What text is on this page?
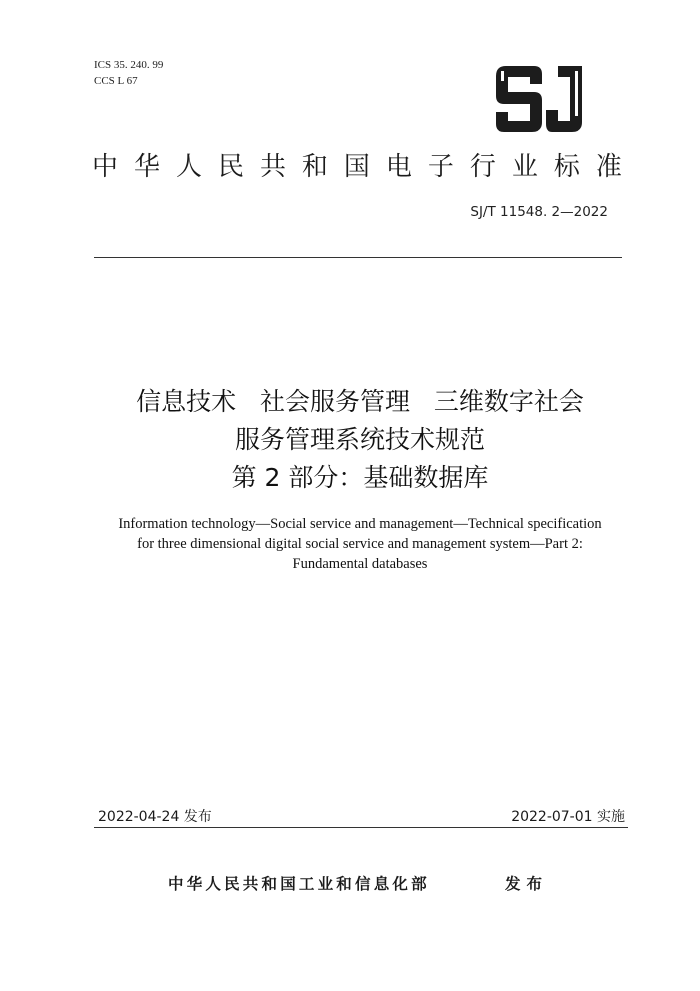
ICS 35. 240. 99
CCS L 67
中 华 人 民 共 和 国 电 子 行 业 标 准
SJ/T 11548. 2—2022
信息技术   社会服务管理   三维数字社会
服务管理系统技术规范
第 2 部分：基础数据库
Information technology—Social service and management—Technical specification
for three dimensional digital social service and management system—Part 2:
Fundamental databases
2022-04-24 发布	2022-07-01 实施
中华人民共和国工业和信息化部	发布
